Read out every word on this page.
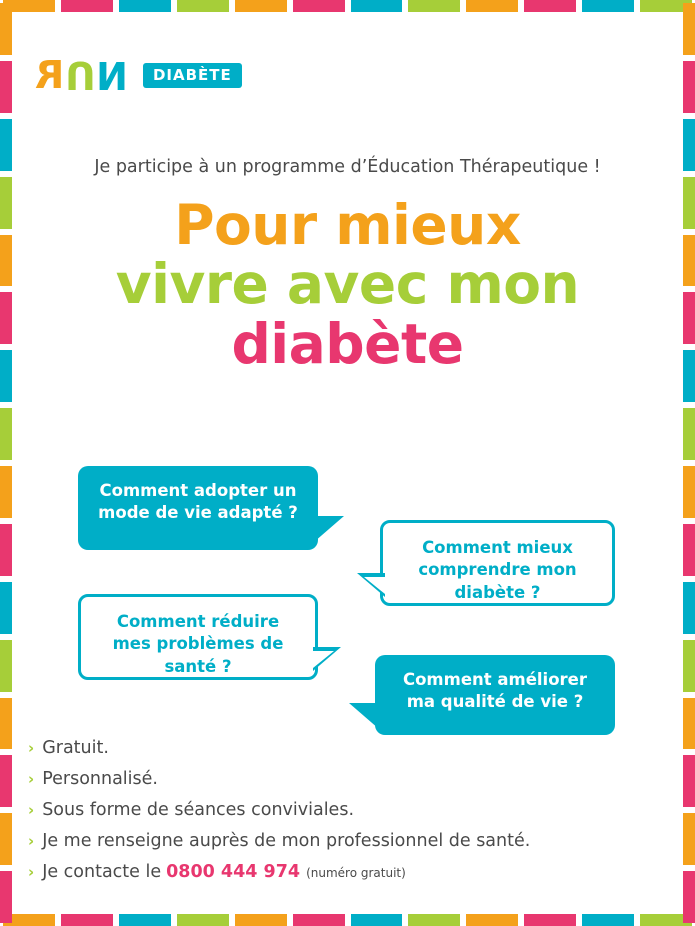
R U N	DIABÈTE
Je participe à un programme d’Éducation Thérapeutique !
Pour mieux
vivre avec mon
diabète
Comment adopter un mode de vie adapté ?
Comment mieux comprendre mon diabète ?
Comment réduire mes problèmes de santé ?
Comment améliorer ma qualité de vie ?
› Gratuit.
› Personnalisé.
› Sous forme de séances conviviales.
› Je me renseigne auprès de mon professionnel de santé.
› Je contacte le 0800 444 974 (numéro gratuit)
